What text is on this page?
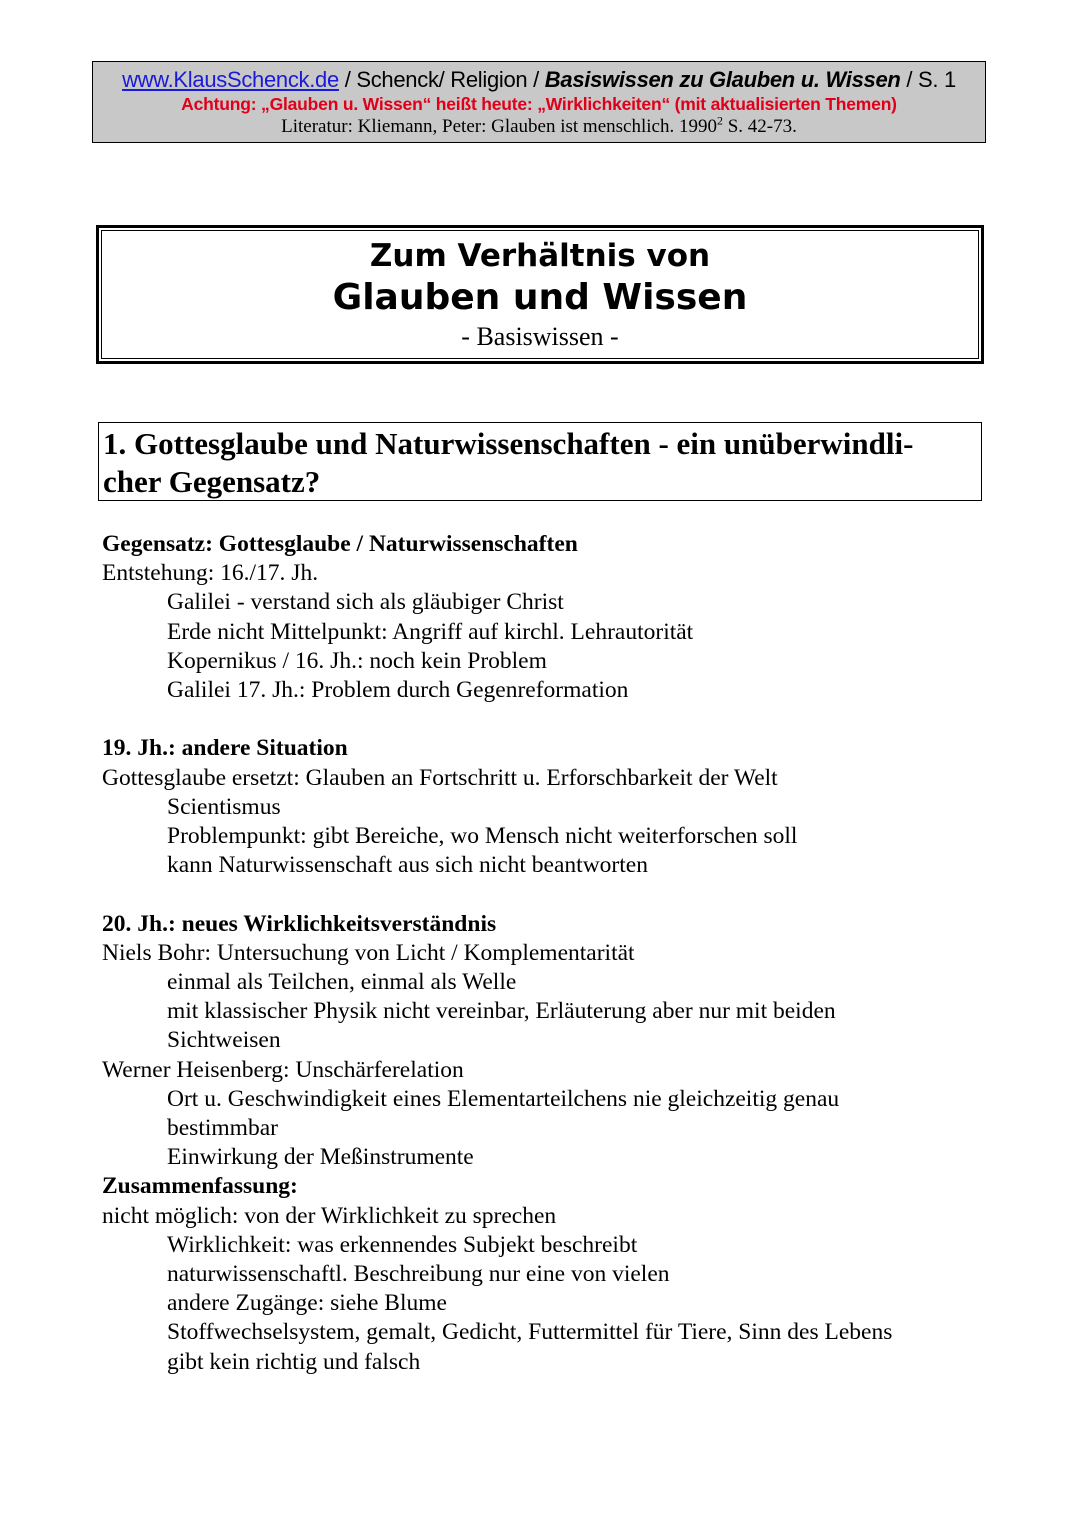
www.KlausSchenck.de / Schenck/ Religion / Basiswissen zu Glauben u. Wissen / S. 1
Achtung: „Glauben u. Wissen“ heißt heute: „Wirklichkeiten“ (mit aktualisierten Themen)
Literatur: Kliemann, Peter: Glauben ist menschlich. 1990$^2$ S. 42-73.
Zum Verhältnis von
Glauben und Wissen
- Basiswissen -
1. Gottesglaube und Naturwissenschaften - ein unüberwindli-
cher Gegensatz?
Gegensatz: Gottesglaube / Naturwissenschaften
Entstehung: 16./17. Jh.
Galilei - verstand sich als gläubiger Christ
Erde nicht Mittelpunkt: Angriff auf kirchl. Lehrautorität
Kopernikus / 16. Jh.: noch kein Problem
Galilei 17. Jh.: Problem durch Gegenreformation
19. Jh.: andere Situation
Gottesglaube ersetzt: Glauben an Fortschritt u. Erforschbarkeit der Welt
Scientismus
Problempunkt: gibt Bereiche, wo Mensch nicht weiterforschen soll
kann Naturwissenschaft aus sich nicht beantworten
20. Jh.: neues Wirklichkeitsverständnis
Niels Bohr: Untersuchung von Licht / Komplementarität
einmal als Teilchen, einmal als Welle
mit klassischer Physik nicht vereinbar, Erläuterung aber nur mit beiden
Sichtweisen
Werner Heisenberg: Unschärferelation
Ort u. Geschwindigkeit eines Elementarteilchens nie gleichzeitig genau
bestimmbar
Einwirkung der Meßinstrumente
Zusammenfassung:
nicht möglich: von der Wirklichkeit zu sprechen
Wirklichkeit: was erkennendes Subjekt beschreibt
naturwissenschaftl. Beschreibung nur eine von vielen
andere Zugänge: siehe Blume
Stoffwechselsystem, gemalt, Gedicht, Futtermittel für Tiere, Sinn des Lebens
gibt kein richtig und falsch
